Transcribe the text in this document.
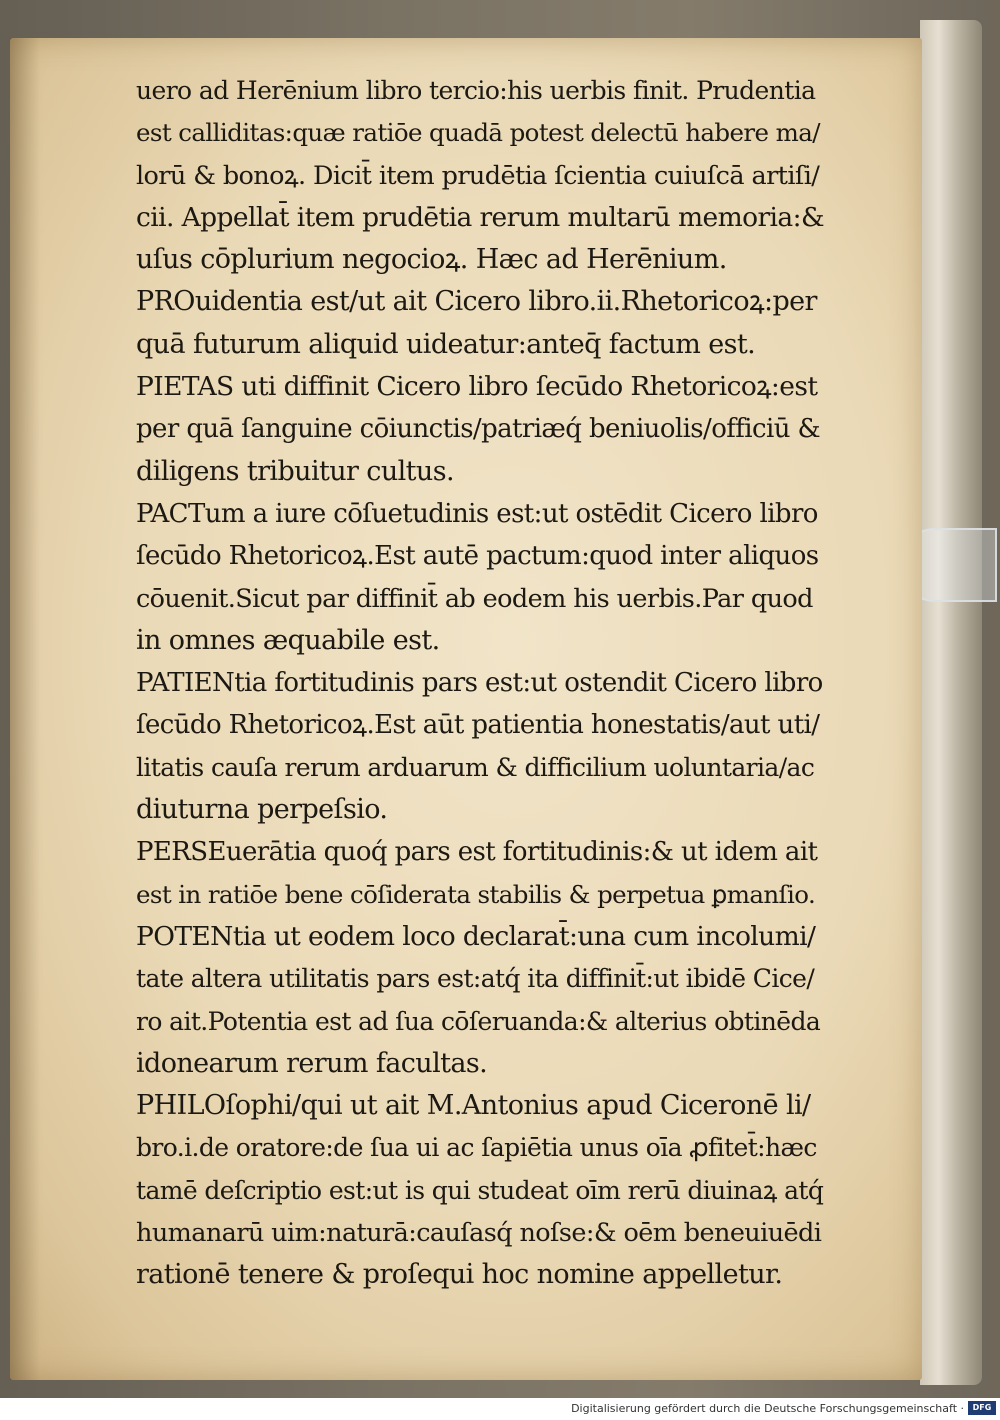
uero ad Herēnium libro tercio:his uerbis finit. Prudentia
est calliditas:quæ ratiōe quadā potest delectū habere ma/
lorū & bonoꝝ. Dicit̄ item prudētia ſcientia cuiuſcā artiſi/
cii. Appellat̄ item prudētia rerum multarū memoria:&
uſus cōplurium negocioꝝ. Hæc ad Herēnium.
PROuidentia est/ut ait Cicero libro.ii.Rhetoricoꝝ:per
quā futurum aliquid uideatur:anteq̄ factum est.
PIETAS uti diffinit Cicero libro ſecūdo Rhetoricoꝝ:est
per quā ſanguine cōiunctis/patriæq́ beniuolis/officiū &
diligens tribuitur cultus.
PACTum a iure cōſuetudinis est:ut ostēdit Cicero libro
ſecūdo Rhetoricoꝝ.Est autē pactum:quod inter aliquos
cōuenit.Sicut par diffinit̄ ab eodem his uerbis.Par quod
in omnes æquabile est.
PATIENtia fortitudinis pars est:ut ostendit Cicero libro
ſecūdo Rhetoricoꝝ.Est aūt patientia honestatis/aut uti/
litatis cauſa rerum arduarum & difficilium uoluntaria/ac
diuturna perpeſsio.
PERSEuerātia quoq́ pars est fortitudinis:& ut idem ait
est in ratiōe bene cōſiderata stabilis & perpetua ꝑmanſio.
POTENtia ut eodem loco declarat̄:una cum incolumi/
tate altera utilitatis pars est:atq́ ita diffinit̄:ut ibidē Cice/
ro ait.Potentia est ad ſua cōſeruanda:& alterius obtinēda
idonearum rerum facultas.
PHILOſophi/qui ut ait M.Antonius apud Ciceronē li/
bro.i.de oratore:de ſua ui ac ſapiētia unus oīa ꝓfitet̄:hæc
tamē deſcriptio est:ut is qui studeat oīm rerū diuinaꝝ atq́
humanarū uim:naturā:cauſasq́ noſse:& oēm beneuiuēdi
rationē tenere & proſequi hoc nomine appelletur.
Digitalisierung gefördert durch die Deutsche Forschungsgemeinschaft ·	DFG
